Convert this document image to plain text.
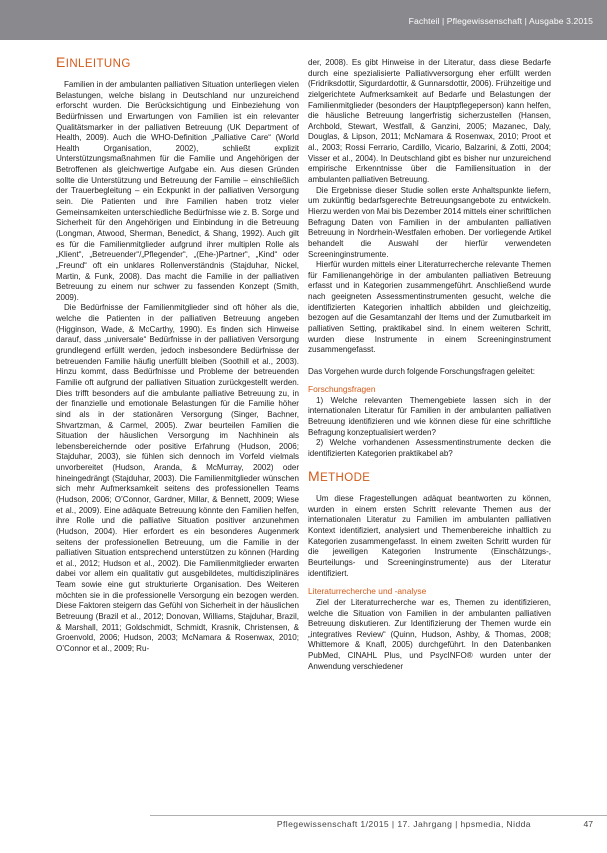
Fachteil | Pflegewissenschaft | Ausgabe 3.2015
EINLEITUNG

Familien in der ambulanten palliativen Situation unterliegen vielen Belastungen, welche bislang in Deutschland nur unzureichend erforscht wurden. Die Berücksichtigung und Einbeziehung von Bedürfnissen und Erwartungen von Familien ist ein relevanter Qualitätsmarker in der palliativen Betreuung (UK Department of Health, 2009). Auch die WHO-Definition „Palliative Care“ (World Health Organisation, 2002), schließt explizit Unterstützungsmaßnahmen für die Familie und Angehörigen der Betroffenen als gleichwertige Aufgabe ein. Aus diesen Gründen sollte die Unterstützung und Betreuung der Familie – einschließlich der Trauerbegleitung – ein Eckpunkt in der palliativen Versorgung sein. Die Patienten und ihre Familien haben trotz vieler Gemeinsamkeiten unterschiedliche Bedürfnisse wie z. B. Sorge und Sicherheit für den Angehörigen und Einbindung in die Betreuung (Longman, Atwood, Sherman, Benedict, & Shang, 1992). Auch gilt es für die Familienmitglieder aufgrund ihrer multiplen Rolle als „Klient“, „Betreuender“/„Pflegender“, „(Ehe-)Partner“, „Kind“ oder „Freund“ oft ein unklares Rollenverständnis (Stajduhar, Nickel, Martin, & Funk, 2008). Das macht die Familie in der palliativen Betreuung zu einem nur schwer zu fassenden Konzept (Smith, 2009).

Die Bedürfnisse der Familienmitglieder sind oft höher als die, welche die Patienten in der palliativen Betreuung angeben (Higginson, Wade, & McCarthy, 1990). Es finden sich Hinweise darauf, dass „universale“ Bedürfnisse in der palliativen Versorgung grundlegend erfüllt werden, jedoch insbesondere Bedürfnisse der betreuenden Familie häufig unerfüllt bleiben (Soothill et al., 2003). Hinzu kommt, dass Bedürfnisse und Probleme der betreuenden Familie oft aufgrund der palliativen Situation zurückgestellt werden. Dies trifft besonders auf die ambulante palliative Betreuung zu, in der finanzielle und emotionale Belastungen für die Familie höher sind als in der stationären Versorgung (Singer, Bachner, Shvartzman, & Carmel, 2005). Zwar beurteilen Familien die Situation der häuslichen Versorgung im Nachhinein als lebensbereichernde oder positive Erfahrung (Hudson, 2006; Stajduhar, 2003), sie fühlen sich dennoch im Vorfeld vielmals unvorbereitet (Hudson, Aranda, & McMurray, 2002) oder hineingedrängt (Stajduhar, 2003). Die Familienmitglieder wünschen sich mehr Aufmerksamkeit seitens des professionellen Teams (Hudson, 2006; O’Connor, Gardner, Millar, & Bennett, 2009; Wiese et al., 2009). Eine adäquate Betreuung könnte den Familien helfen, ihre Rolle und die palliative Situation positiver anzunehmen (Hudson, 2004). Hier erfordert es ein besonderes Augenmerk seitens der professionellen Betreuung, um die Familie in der palliativen Situation entsprechend unterstützen zu können (Harding et al., 2012; Hudson et al., 2002). Die Familienmitglieder erwarten dabei vor allem ein qualitativ gut ausgebildetes, multidisziplinäres Team sowie eine gut strukturierte Organisation. Des Weiteren möchten sie in die professionelle Versorgung ein bezogen werden. Diese Faktoren steigern das Gefühl von Sicherheit in der häuslichen Betreuung (Brazil et al., 2012; Donovan, Williams, Stajduhar, Brazil, & Marshall, 2011; Goldschmidt, Schmidt, Krasnik, Christensen, & Groenvold, 2006; Hudson, 2003; McNamara & Rosenwax, 2010; O’Connor et al., 2009; Ru-

der, 2008). Es gibt Hinweise in der Literatur, dass diese Bedarfe durch eine spezialisierte Palliativversorgung eher erfüllt werden (Fridriksdottir, Sigurdardottir, & Gunnarsdottir, 2006). Frühzeitige und zielgerichtete Aufmerksamkeit auf Bedarfe und Belastungen der Familienmitglieder (besonders der Hauptpflegeperson) kann helfen, die häusliche Betreuung langerfristig sicherzustellen (Hansen, Archbold, Stewart, Westfall, & Ganzini, 2005; Mazanec, Daly, Douglas, & Lipson, 2011; McNamara & Rosenwax, 2010; Proot et al., 2003; Rossi Ferrario, Cardillo, Vicario, Balzarini, & Zotti, 2004; Visser et al., 2004). In Deutschland gibt es bisher nur unzureichend empirische Erkenntnisse über die Familiensituation in der ambulanten palliativen Betreuung.

Die Ergebnisse dieser Studie sollen erste Anhaltspunkte liefern, um zukünftig bedarfsgerechte Betreuungsangebote zu entwickeln. Hierzu werden von Mai bis Dezember 2014 mittels einer schriftlichen Befragung Daten von Familien in der ambulanten palliativen Betreuung in Nordrhein-Westfalen erhoben. Der vorliegende Artikel behandelt die Auswahl der hierfür verwendeten Screeninginstrumente.

Hierfür wurden mittels einer Literaturrecherche relevante Themen für Familienangehörige in der ambulanten palliativen Betreuung erfasst und in Kategorien zusammengeführt. Anschließend wurde nach geeigneten Assessmentinstrumenten gesucht, welche die identifizierten Kategorien inhaltlich abbilden und gleichzeitig, bezogen auf die Gesamtanzahl der Items und der Zumutbarkeit im palliativen Setting, praktikabel sind. In einem weiteren Schritt, wurden diese Instrumente in einem Screeninginstrument zusammengefasst.

Das Vorgehen wurde durch folgende Forschungsfragen geleitet:

Forschungsfragen

1) Welche relevanten Themengebiete lassen sich in der internationalen Literatur für Familien in der ambulanten palliativen Betreuung identifizieren und wie können diese für eine schriftliche Befragung konzeptualisiert werden?

2) Welche vorhandenen Assessmentinstrumente decken die identifizierten Kategorien praktikabel ab?

METHODE

Um diese Fragestellungen adäquat beantworten zu können, wurden in einem ersten Schritt relevante Themen aus der internationalen Literatur zu Familien im ambulanten palliativen Kontext identifiziert, analysiert und Themenbereiche inhaltlich zu Kategorien zusammengefasst. In einem zweiten Schritt wurden für die jeweiligen Kategorien Instrumente (Einschätzungs-, Beurteilungs- und Screeninginstrumente) aus der Literatur identifiziert.

Literaturrecherche und -analyse

Ziel der Literaturrecherche war es, Themen zu identifizieren, welche die Situation von Familien in der ambulanten palliativen Betreuung diskutieren. Zur Identifizierung der Themen wurde ein „integratives Review“ (Quinn, Hudson, Ashby, & Thomas, 2008; Whittemore & Knafl, 2005) durchgeführt. In den Datenbanken PubMed, CINAHL Plus, und PsycINFO® wurden unter der Anwendung verschiedener

Pflegewissenschaft 1/2015 | 17. Jahrgang | hpsmedia, Nidda	47
